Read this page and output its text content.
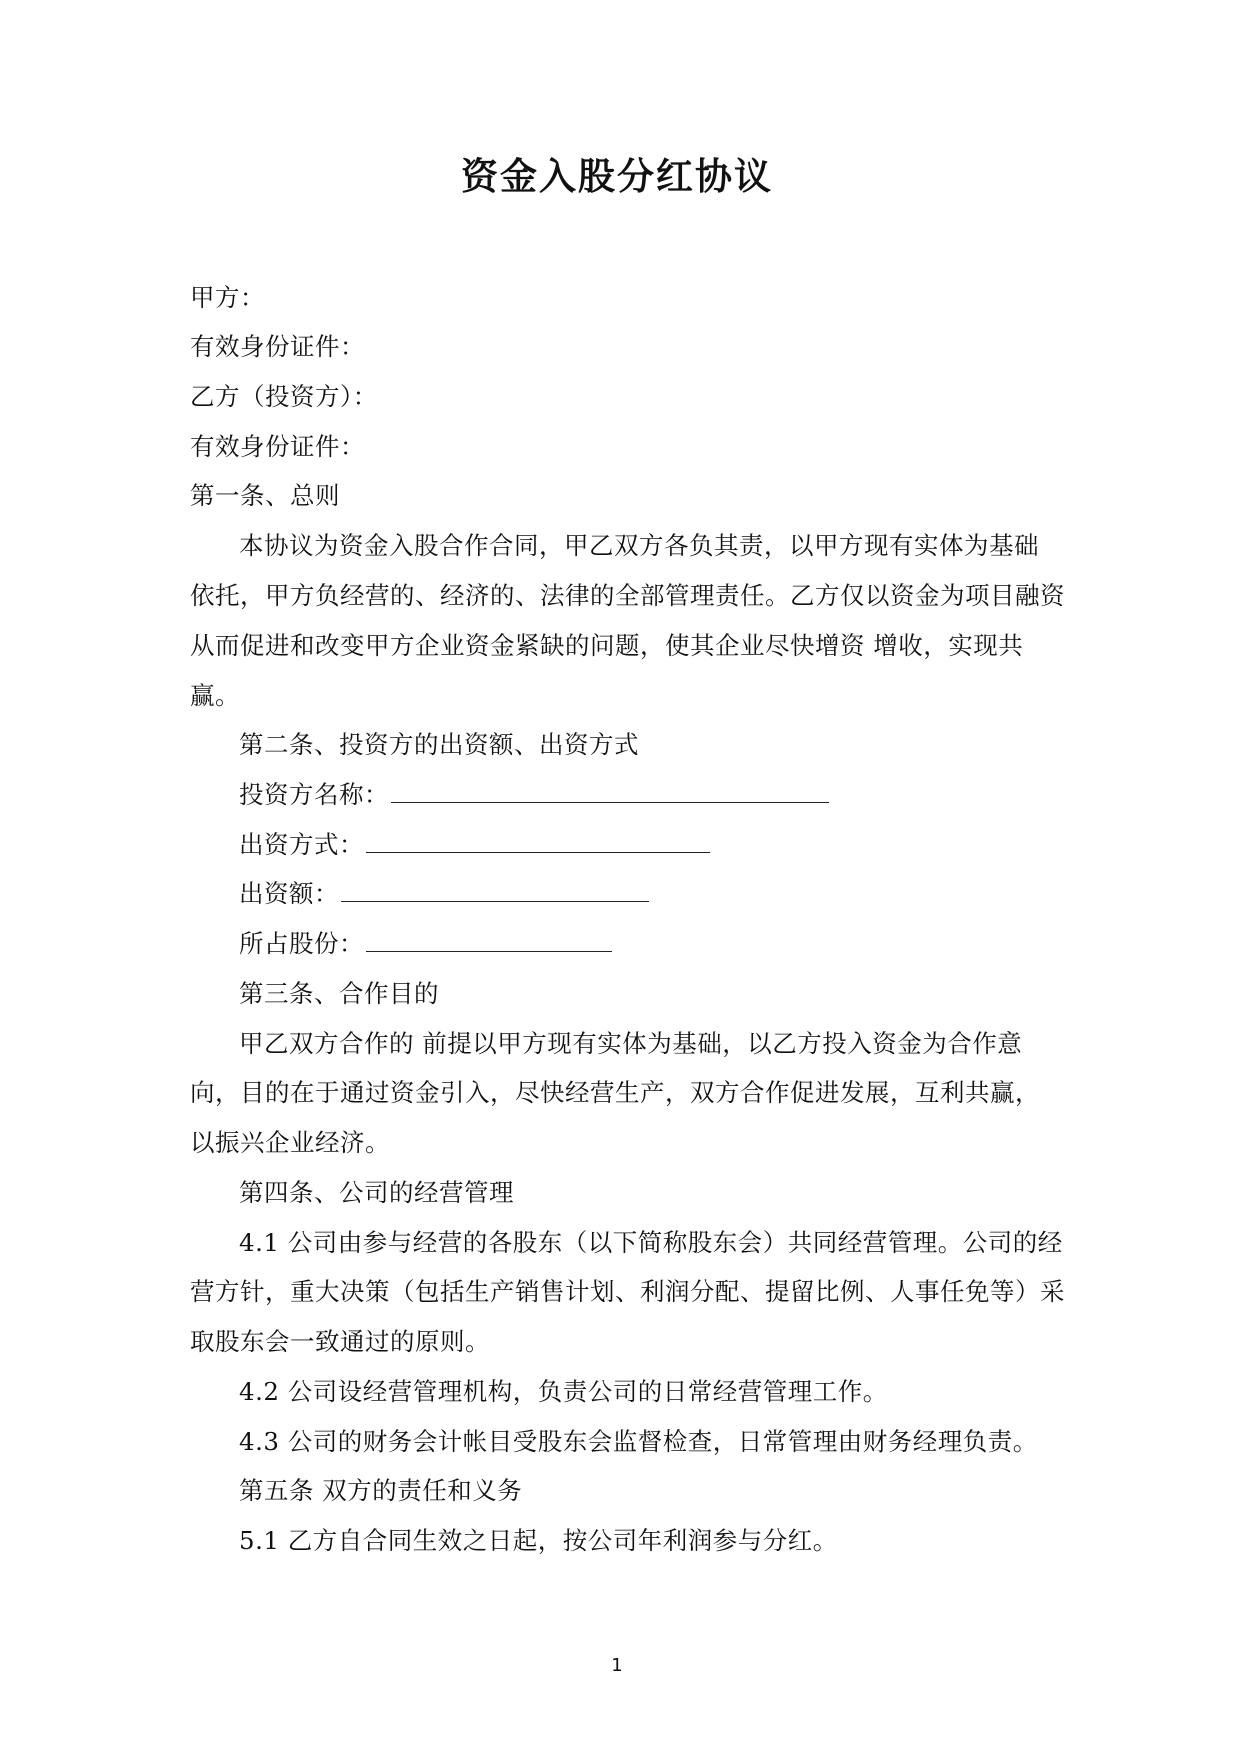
资金入股分红协议
甲方：
有效身份证件：
乙方（投资方）：
有效身份证件：
第一条、总则
本协议为资金入股合作合同，甲乙双方各负其责，以甲方现有实体为基础
依托，甲方负经营的、经济的、法律的全部管理责任。乙方仅以资金为项目融资
从而促进和改变甲方企业资金紧缺的问题，使其企业尽快增资 增收，实现共
赢。
第二条、投资方的出资额、出资方式
投资方名称：
出资方式：
出资额：
所占股份：
第三条、合作目的
甲乙双方合作的 前提以甲方现有实体为基础，以乙方投入资金为合作意
向，目的在于通过资金引入，尽快经营生产，双方合作促进发展，互利共赢，
以振兴企业经济。
第四条、公司的经营管理
4.1 公司由参与经营的各股东（以下简称股东会）共同经营管理。公司的经
营方针，重大决策（包括生产销售计划、利润分配、提留比例、人事任免等）采
取股东会一致通过的原则。
4.2 公司设经营管理机构，负责公司的日常经营管理工作。
4.3 公司的财务会计帐目受股东会监督检查，日常管理由财务经理负责。
第五条 双方的责任和义务
5.1 乙方自合同生效之日起，按公司年利润参与分红。
1
